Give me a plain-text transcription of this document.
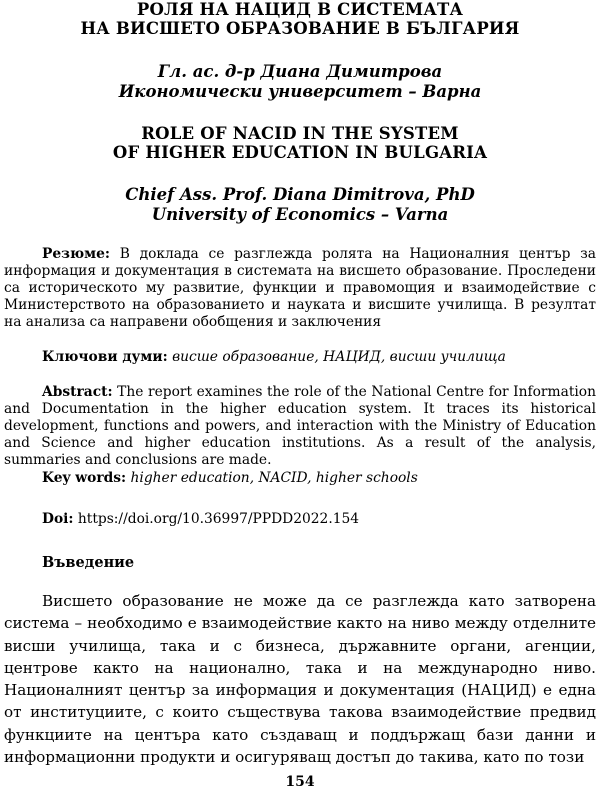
РОЛЯ НА НАЦИД В СИСТЕМАТА

НА ВИСШЕТО ОБРАЗОВАНИЕ В БЪЛГАРИЯ

Гл. ас. д-р Диана Димитрова

Икономически университет – Варна

ROLE OF NACID IN THE SYSTEM

OF HIGHER EDUCATION IN BULGARIA

Chief Ass. Prof. Diana Dimitrova, PhD

University of Economics – Varna

Резюме: В доклада се разглежда ролята на Националния център за информация и документация в системата на висшето образование. Проследени са историческото му развитие, функции и правомощия и взаимодействие с Министерството на образованието и науката и висшите училища. В резултат на анализа са направени обобщения и заключения

Ключови думи: висше образование, НАЦИД, висши училища

Abstract: The report examines the role of the National Centre for Information and Documentation in the higher education system. It traces its historical development, functions and powers, and interaction with the Ministry of Education and Science and higher education institutions. As a result of the analysis, summaries and conclusions are made.

Key words: higher education, NACID, higher schools

Doi: https://doi.org/10.36997/PPDD2022.154

Въведение

Висшето образование не може да се разглежда като затворена система – необходимо е взаимодействие както на ниво между отделните висши училища, така и с бизнеса, държавните органи, агенции, центрове както на национално, така и на международно ниво. Националният център за информация и документация (НАЦИД) е една от институциите, с които съществува такова взаимодействие предвид функциите на центъра като създаващ и поддържащ бази данни и информационни продукти и осигуряващ достъп до такива, като по този

154
